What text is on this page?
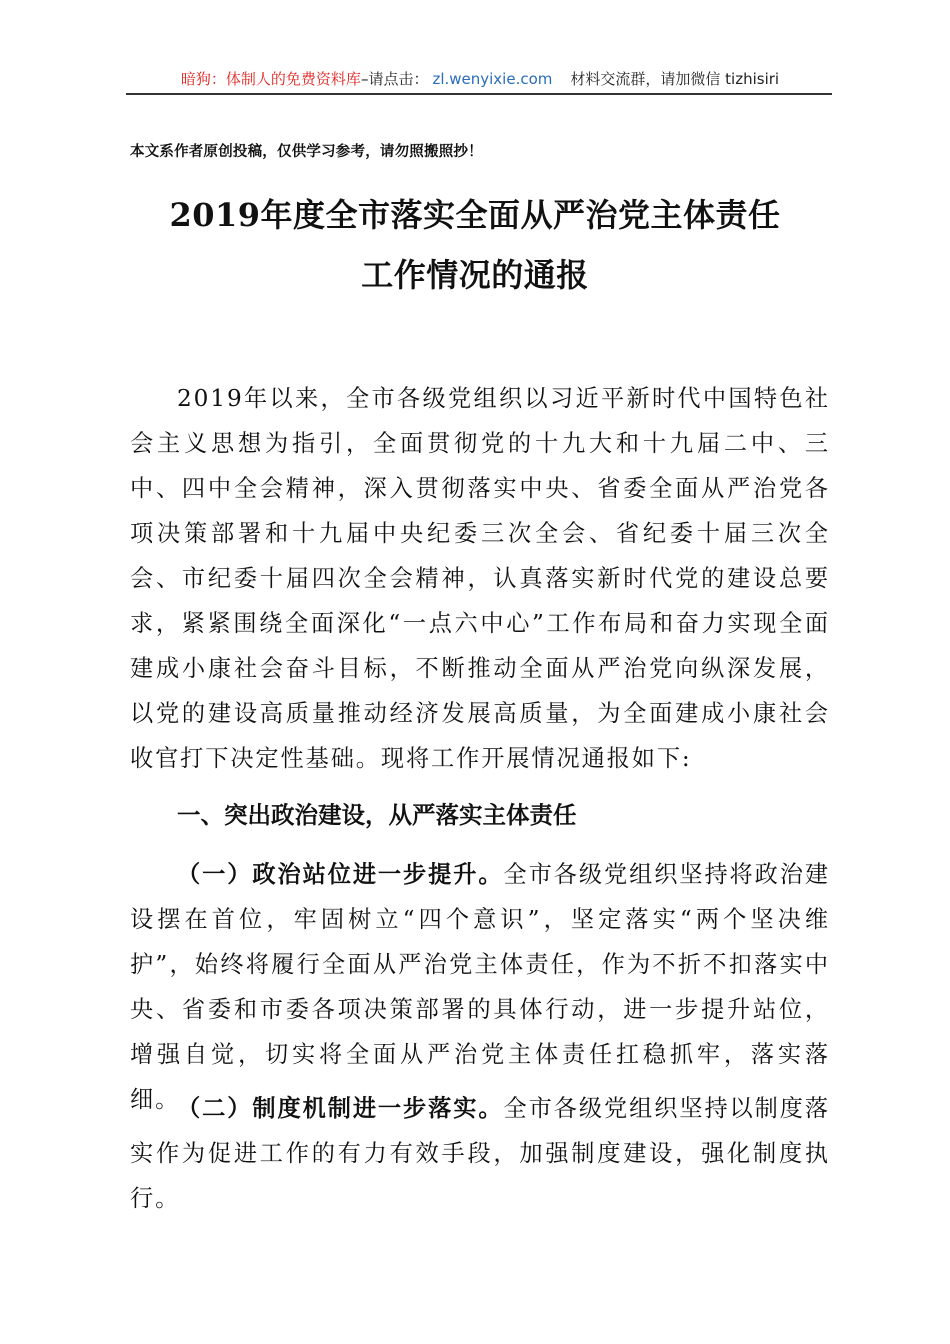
暗狗：体制人的免费资料库 –请点击： zl.wenyixie.com 材料交流群，请加微信 tizhisiri
本文系作者原创投稿，仅供学习参考，请勿照搬照抄！
2019年度全市落实全面从严治党主体责任
工作情况的通报
2019年以来，全市各级党组织以习近平新时代中国特色社会主义思想为指引，全面贯彻党的十九大和十九届二中、三中、四中全会精神，深入贯彻落实中央、省委全面从严治党各项决策部署和十九届中央纪委三次全会、省纪委十届三次全会、市纪委十届四次全会精神，认真落实新时代党的建设总要求，紧紧围绕全面深化“一点六中心”工作布局和奋力实现全面建成小康社会奋斗目标，不断推动全面从严治党向纵深发展，以党的建设高质量推动经济发展高质量，为全面建成小康社会收官打下决定性基础。现将工作开展情况通报如下:
一、突出政治建设，从严落实主体责任
（一）政治站位进一步提升。全市各级党组织坚持将政治建设摆在首位，牢固树立“四个意识”，坚定落实“两个坚决维护”，始终将履行全面从严治党主体责任，作为不折不扣落实中央、省委和市委各项决策部署的具体行动，进一步提升站位，增强自觉，切实将全面从严治党主体责任扛稳抓牢，落实落细。
（二）制度机制进一步落实。全市各级党组织坚持以制度落实作为促进工作的有力有效手段，加强制度建设，强化制度执行。
